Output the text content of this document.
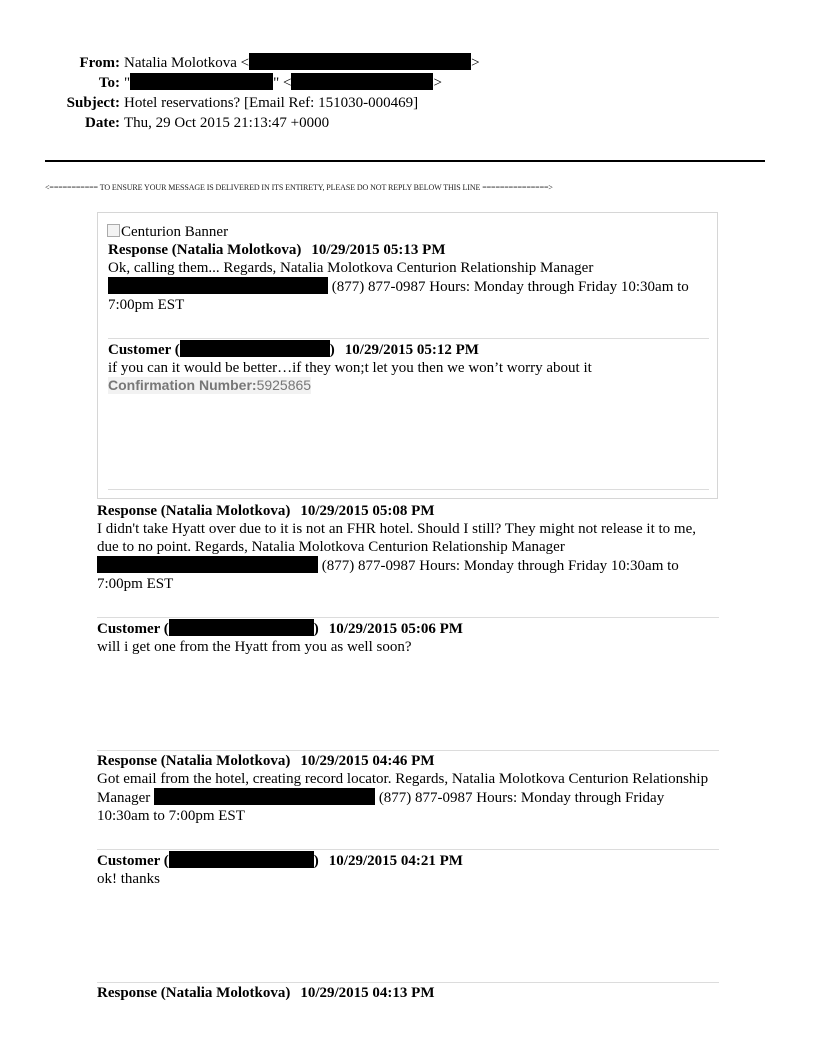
From: Natalia Molotkova <	>
To: "	" <	>
Subject: Hotel reservations? [Email Ref: 151030-000469]
Date: Thu, 29 Oct 2015 21:13:47 +0000
<=========== TO ENSURE YOUR MESSAGE IS DELIVERED IN ITS ENTIRETY, PLEASE DO NOT REPLY BELOW THIS LINE ===============>
Centurion Banner
Response (Natalia Molotkova) 10/29/2015 05:13 PM
Ok, calling them... Regards, Natalia Molotkova Centurion Relationship Manager  (877) 877-0987 Hours: Monday through Friday 10:30am to 7:00pm EST
Customer (	) 10/29/2015 05:12 PM
if you can it would be better…if they won;t let you then we won’t worry about it
Confirmation Number:5925865
Response (Natalia Molotkova) 10/29/2015 05:08 PM
I didn't take Hyatt over due to it is not an FHR hotel. Should I still? They might not release it to me, due to no point. Regards, Natalia Molotkova Centurion Relationship Manager  (877) 877-0987 Hours: Monday through Friday 10:30am to 7:00pm EST
Customer (	) 10/29/2015 05:06 PM
will i get one from the Hyatt from you as well soon?
Response (Natalia Molotkova) 10/29/2015 04:46 PM
Got email from the hotel, creating record locator. Regards, Natalia Molotkova Centurion Relationship Manager	(877) 877-0987 Hours: Monday through Friday 10:30am to 7:00pm EST
Customer (	) 10/29/2015 04:21 PM
ok! thanks
Response (Natalia Molotkova) 10/29/2015 04:13 PM
